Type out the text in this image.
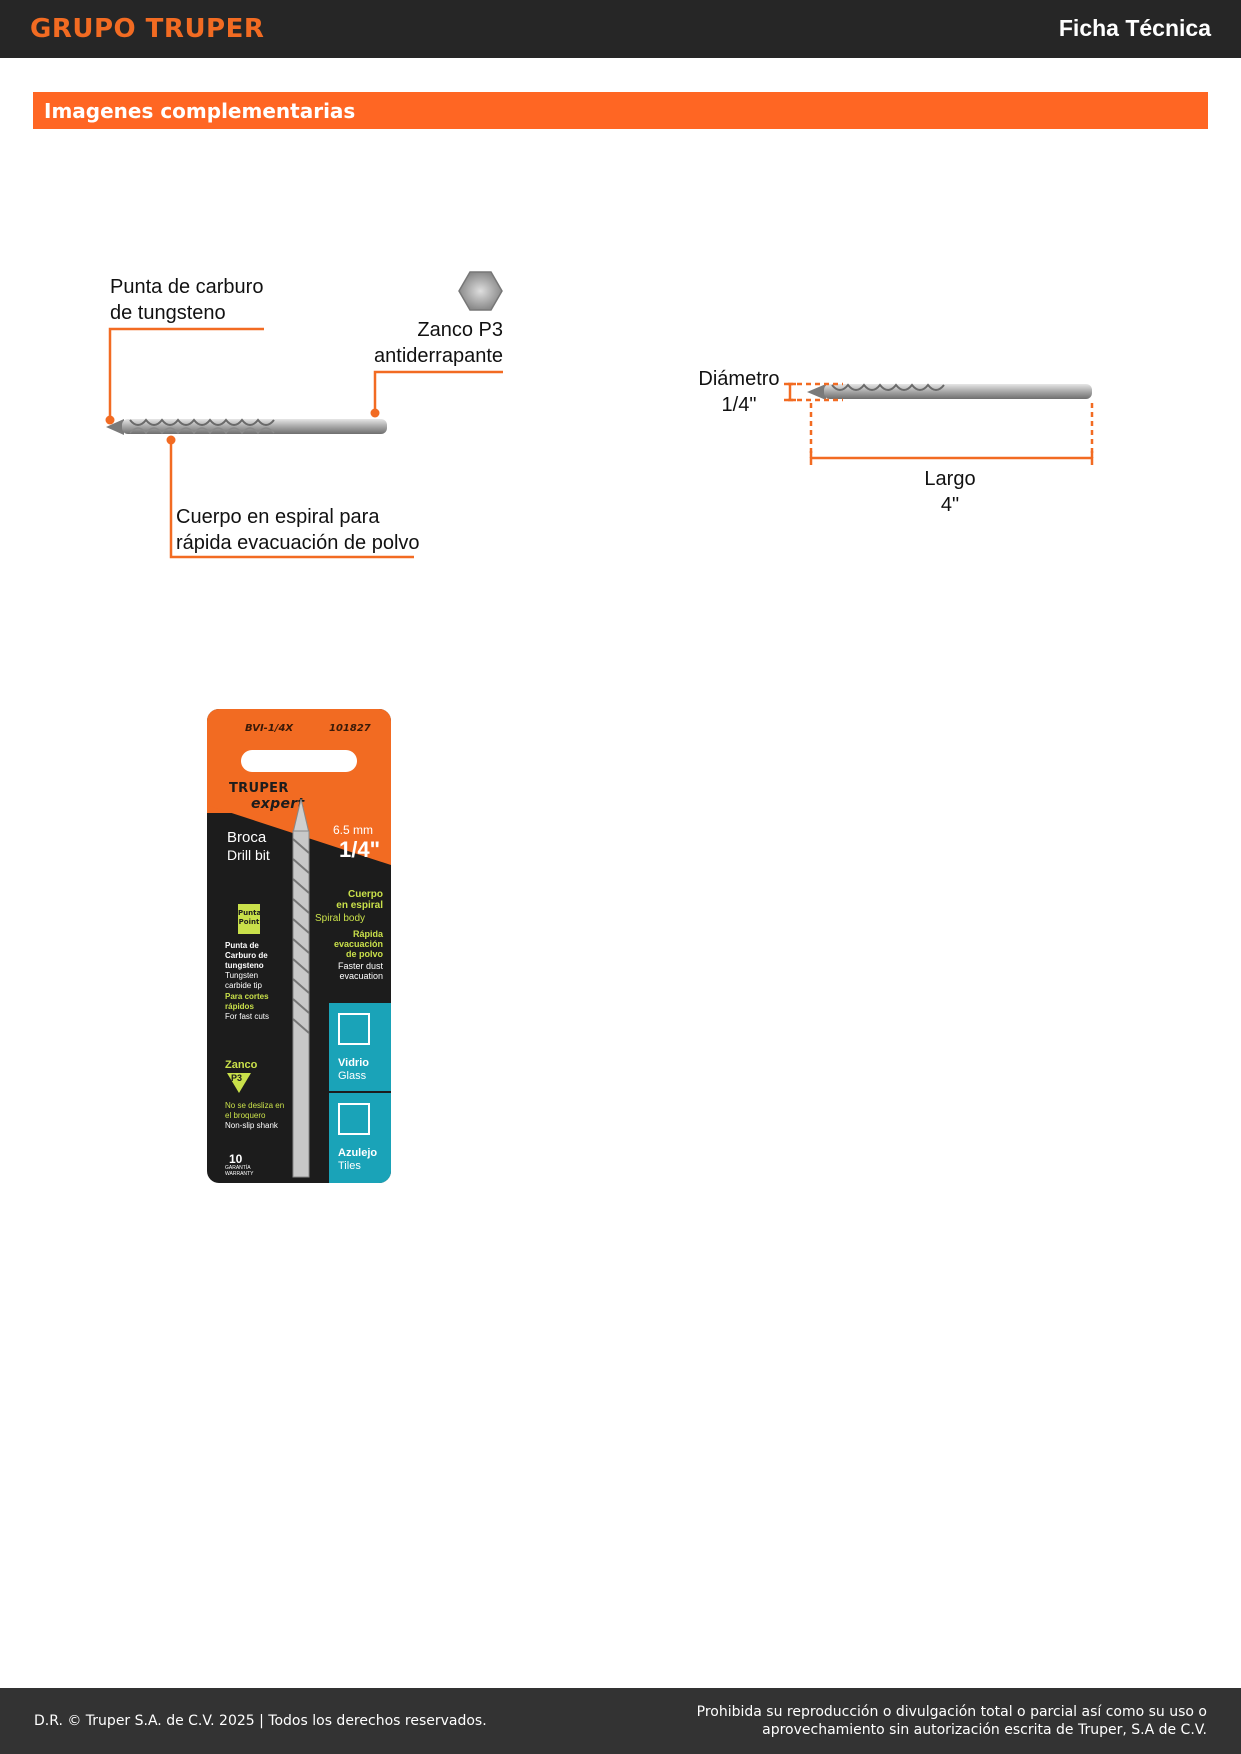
GRUPO TRUPER	Ficha Técnica
Imagenes complementarias
Punta de carburo
de tungsteno
Zanco P3
antiderrapante
Cuerpo en espiral para
rápida evacuación de polvo
Diámetro
1/4"
Largo
4"
BVI-1/4X	101827
TRUPER
expert
Broca
Drill bit
6.5 mm
1/4"
Cuerpo
en espiral
Spiral body
Rápida
evacuación
de polvo
Faster dust
evacuation
Punta
Point
Punta de
Carburo de
tungsteno
Tungsten
carbide tip
Para cortes
rápidos
For fast cuts
Zanco
P3
No se desliza en
el broquero
Non-slip shank
10
GARANTÍA
WARRANTY
Vidrio
Glass
Azulejo
Tiles
D.R. © Truper S.A. de C.V. 2025 | Todos los derechos reservados.
Prohibida su reproducción o divulgación total o parcial así como su uso o
aprovechamiento sin autorización escrita de Truper, S.A de C.V.
